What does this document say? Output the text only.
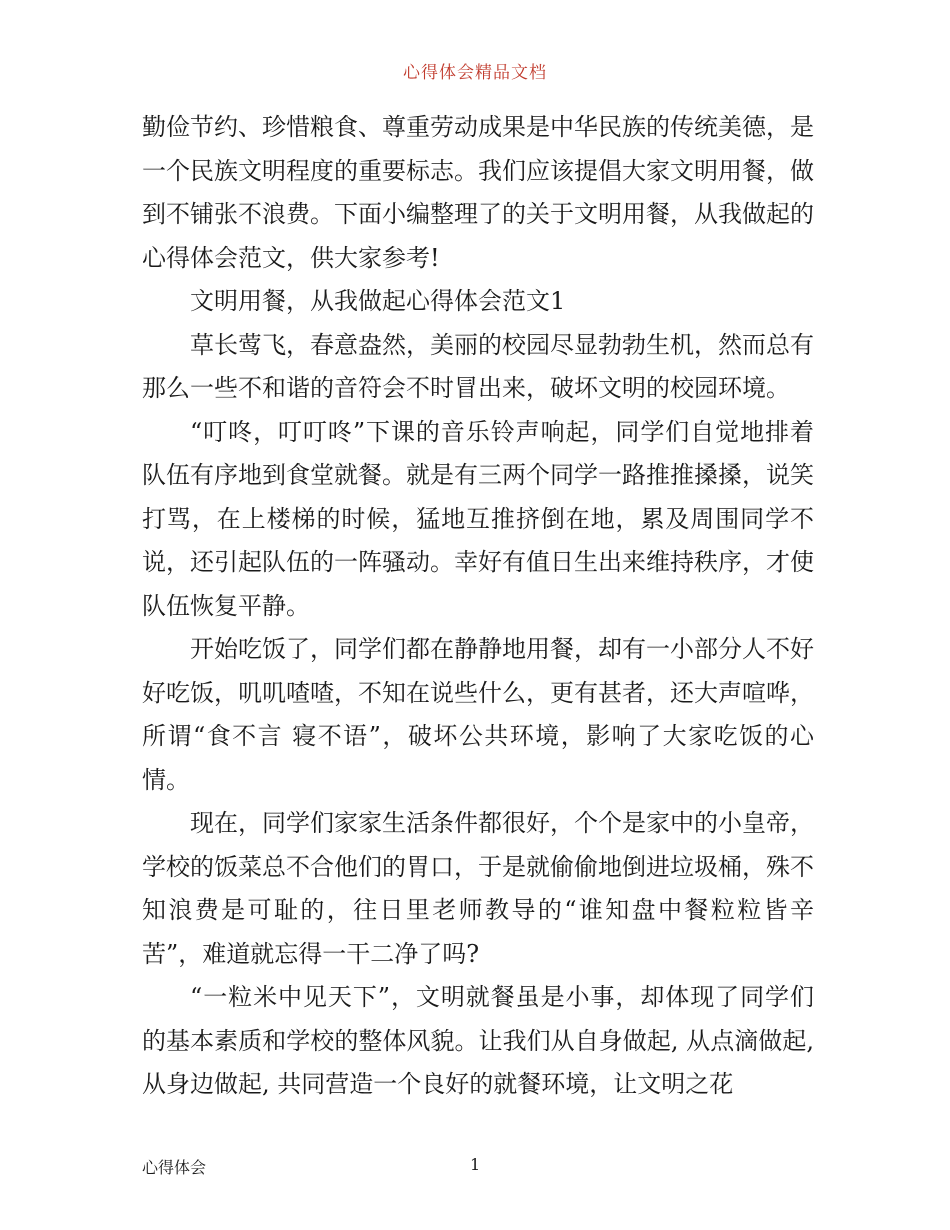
心得体会精品文档

勤俭节约、珍惜粮食、尊重劳动成果是中华民族的传统美德，是一个民族文明程度的重要标志。我们应该提倡大家文明用餐，做到不铺张不浪费。下面小编整理了的关于文明用餐，从我做起的心得体会范文，供大家参考!

文明用餐，从我做起心得体会范文1

草长莺飞，春意盎然，美丽的校园尽显勃勃生机，然而总有那么一些不和谐的音符会不时冒出来，破坏文明的校园环境。

“叮咚，叮叮咚”下课的音乐铃声响起，同学们自觉地排着队伍有序地到食堂就餐。就是有三两个同学一路推推搡搡，说笑打骂，在上楼梯的时候，猛地互推挤倒在地，累及周围同学不说，还引起队伍的一阵骚动。幸好有值日生出来维持秩序，才使队伍恢复平静。

开始吃饭了，同学们都在静静地用餐，却有一小部分人不好好吃饭，叽叽喳喳，不知在说些什么，更有甚者，还大声喧哗，所谓“食不言 寝不语”，破坏公共环境，影响了大家吃饭的心情。

现在，同学们家家生活条件都很好，个个是家中的小皇帝，学校的饭菜总不合他们的胃口，于是就偷偷地倒进垃圾桶，殊不知浪费是可耻的，往日里老师教导的“谁知盘中餐粒粒皆辛苦”，难道就忘得一干二净了吗?

“一粒米中见天下”，文明就餐虽是小事，却体现了同学们的基本素质和学校的整体风貌。让我们从自身做起, 从点滴做起, 从身边做起, 共同营造一个良好的就餐环境，让文明之花

心得体会	1
